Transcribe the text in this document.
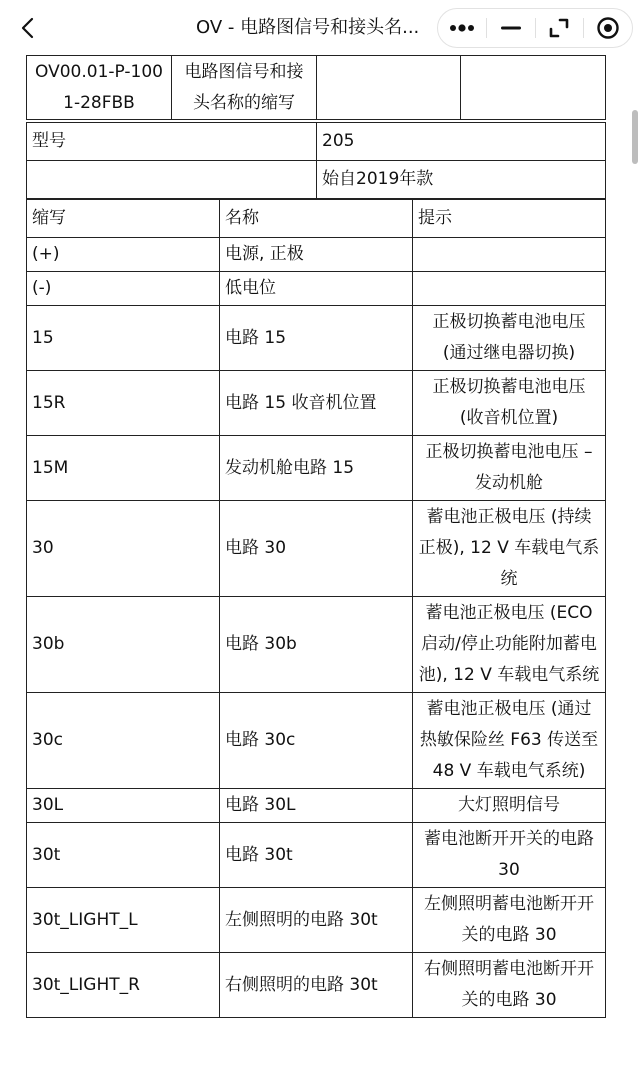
OV - 电路图信号和接头名...
OV00.01-P-1001-28FBB	电路图信号和接头名称的缩写		

型号		205	
		始自2019年款	
缩写	名称	提示
(+)	电源, 正极	
(-)	低电位	
15	电路 15	正极切换蓄电池电压 (通过继电器切换)
15R	电路 15 收音机位置	正极切换蓄电池电压 (收音机位置)
15M	发动机舱电路 15	正极切换蓄电池电压 – 发动机舱
30	电路 30	蓄电池正极电压 (持续正极), 12 V 车载电气系统
30b	电路 30b	蓄电池正极电压 (ECO 启动/停止功能附加蓄电池), 12 V 车载电气系统
30c	电路 30c	蓄电池正极电压 (通过热敏保险丝 F63 传送至 48 V 车载电气系统)
30L	电路 30L	大灯照明信号
30t	电路 30t	蓄电池断开开关的电路 30
30t_LIGHT_L	左侧照明的电路 30t	左侧照明蓄电池断开开关的电路 30
30t_LIGHT_R	右侧照明的电路 30t	右侧照明蓄电池断开开关的电路 30
